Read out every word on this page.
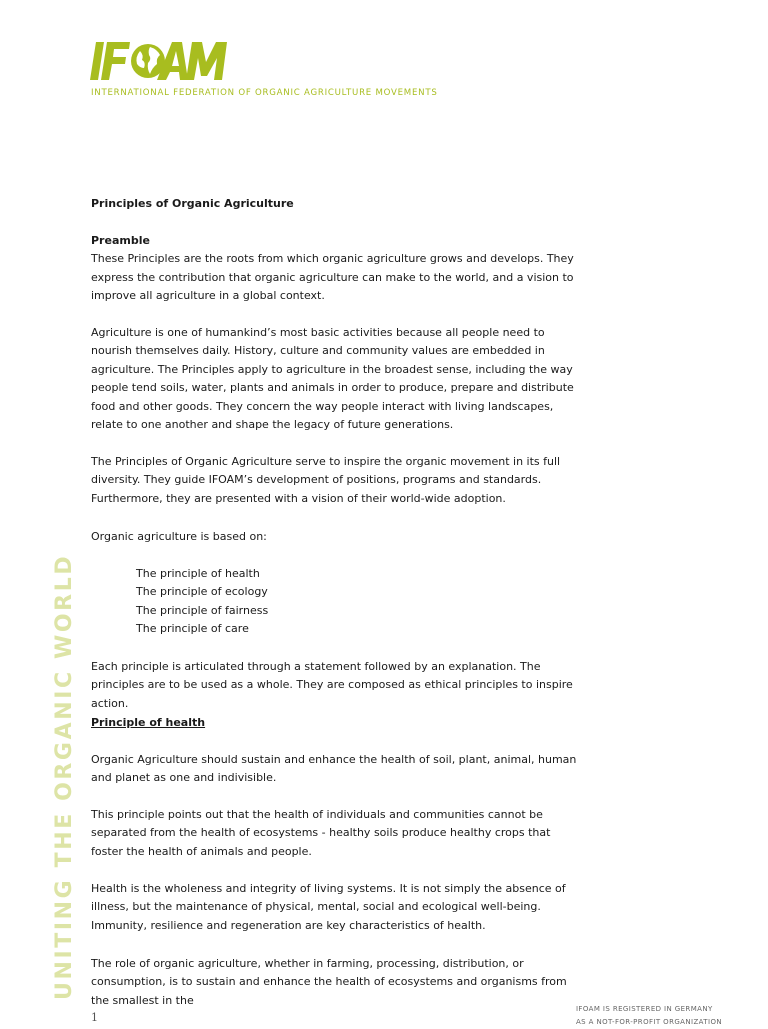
INTERNATIONAL FEDERATION OF ORGANIC AGRICULTURE MOVEMENTS
Principles of Organic Agriculture

Preamble

These Principles are the roots from which organic agriculture grows and develops. They express the contribution that organic agriculture can make to the world, and a vision to improve all agriculture in a global context.

Agriculture is one of humankind’s most basic activities because all people need to nourish themselves daily. History, culture and community values are embedded in agriculture. The Principles apply to agriculture in the broadest sense, including the way people tend soils, water, plants and animals in order to produce, prepare and distribute food and other goods. They concern the way people interact with living landscapes, relate to one another and shape the legacy of future generations.

The Principles of Organic Agriculture serve to inspire the organic movement in its full diversity. They guide IFOAM’s development of positions, programs and standards. Furthermore, they are presented with a vision of their world-wide adoption.

Organic agriculture is based on:

The principle of health
The principle of ecology
The principle of fairness
The principle of care

Each principle is articulated through a statement followed by an explanation. The principles are to be used as a whole. They are composed as ethical principles to inspire action.

Principle of health

Organic Agriculture should sustain and enhance the health of soil, plant, animal, human and planet as one and indivisible.

This principle points out that the health of individuals and communities cannot be separated from the health of ecosystems - healthy soils produce healthy crops that foster the health of animals and people.

Health is the wholeness and integrity of living systems. It is not simply the absence of illness, but the maintenance of physical, mental, social and ecological well-being. Immunity, resilience and regeneration are key characteristics of health.

The role of organic agriculture, whether in farming, processing, distribution, or consumption, is to sustain and enhance the health of ecosystems and organisms from the smallest in the

UNITING THE ORGANIC WORLD
1
IFOAM IS REGISTERED IN GERMANY
AS A NOT-FOR-PROFIT ORGANIZATION
